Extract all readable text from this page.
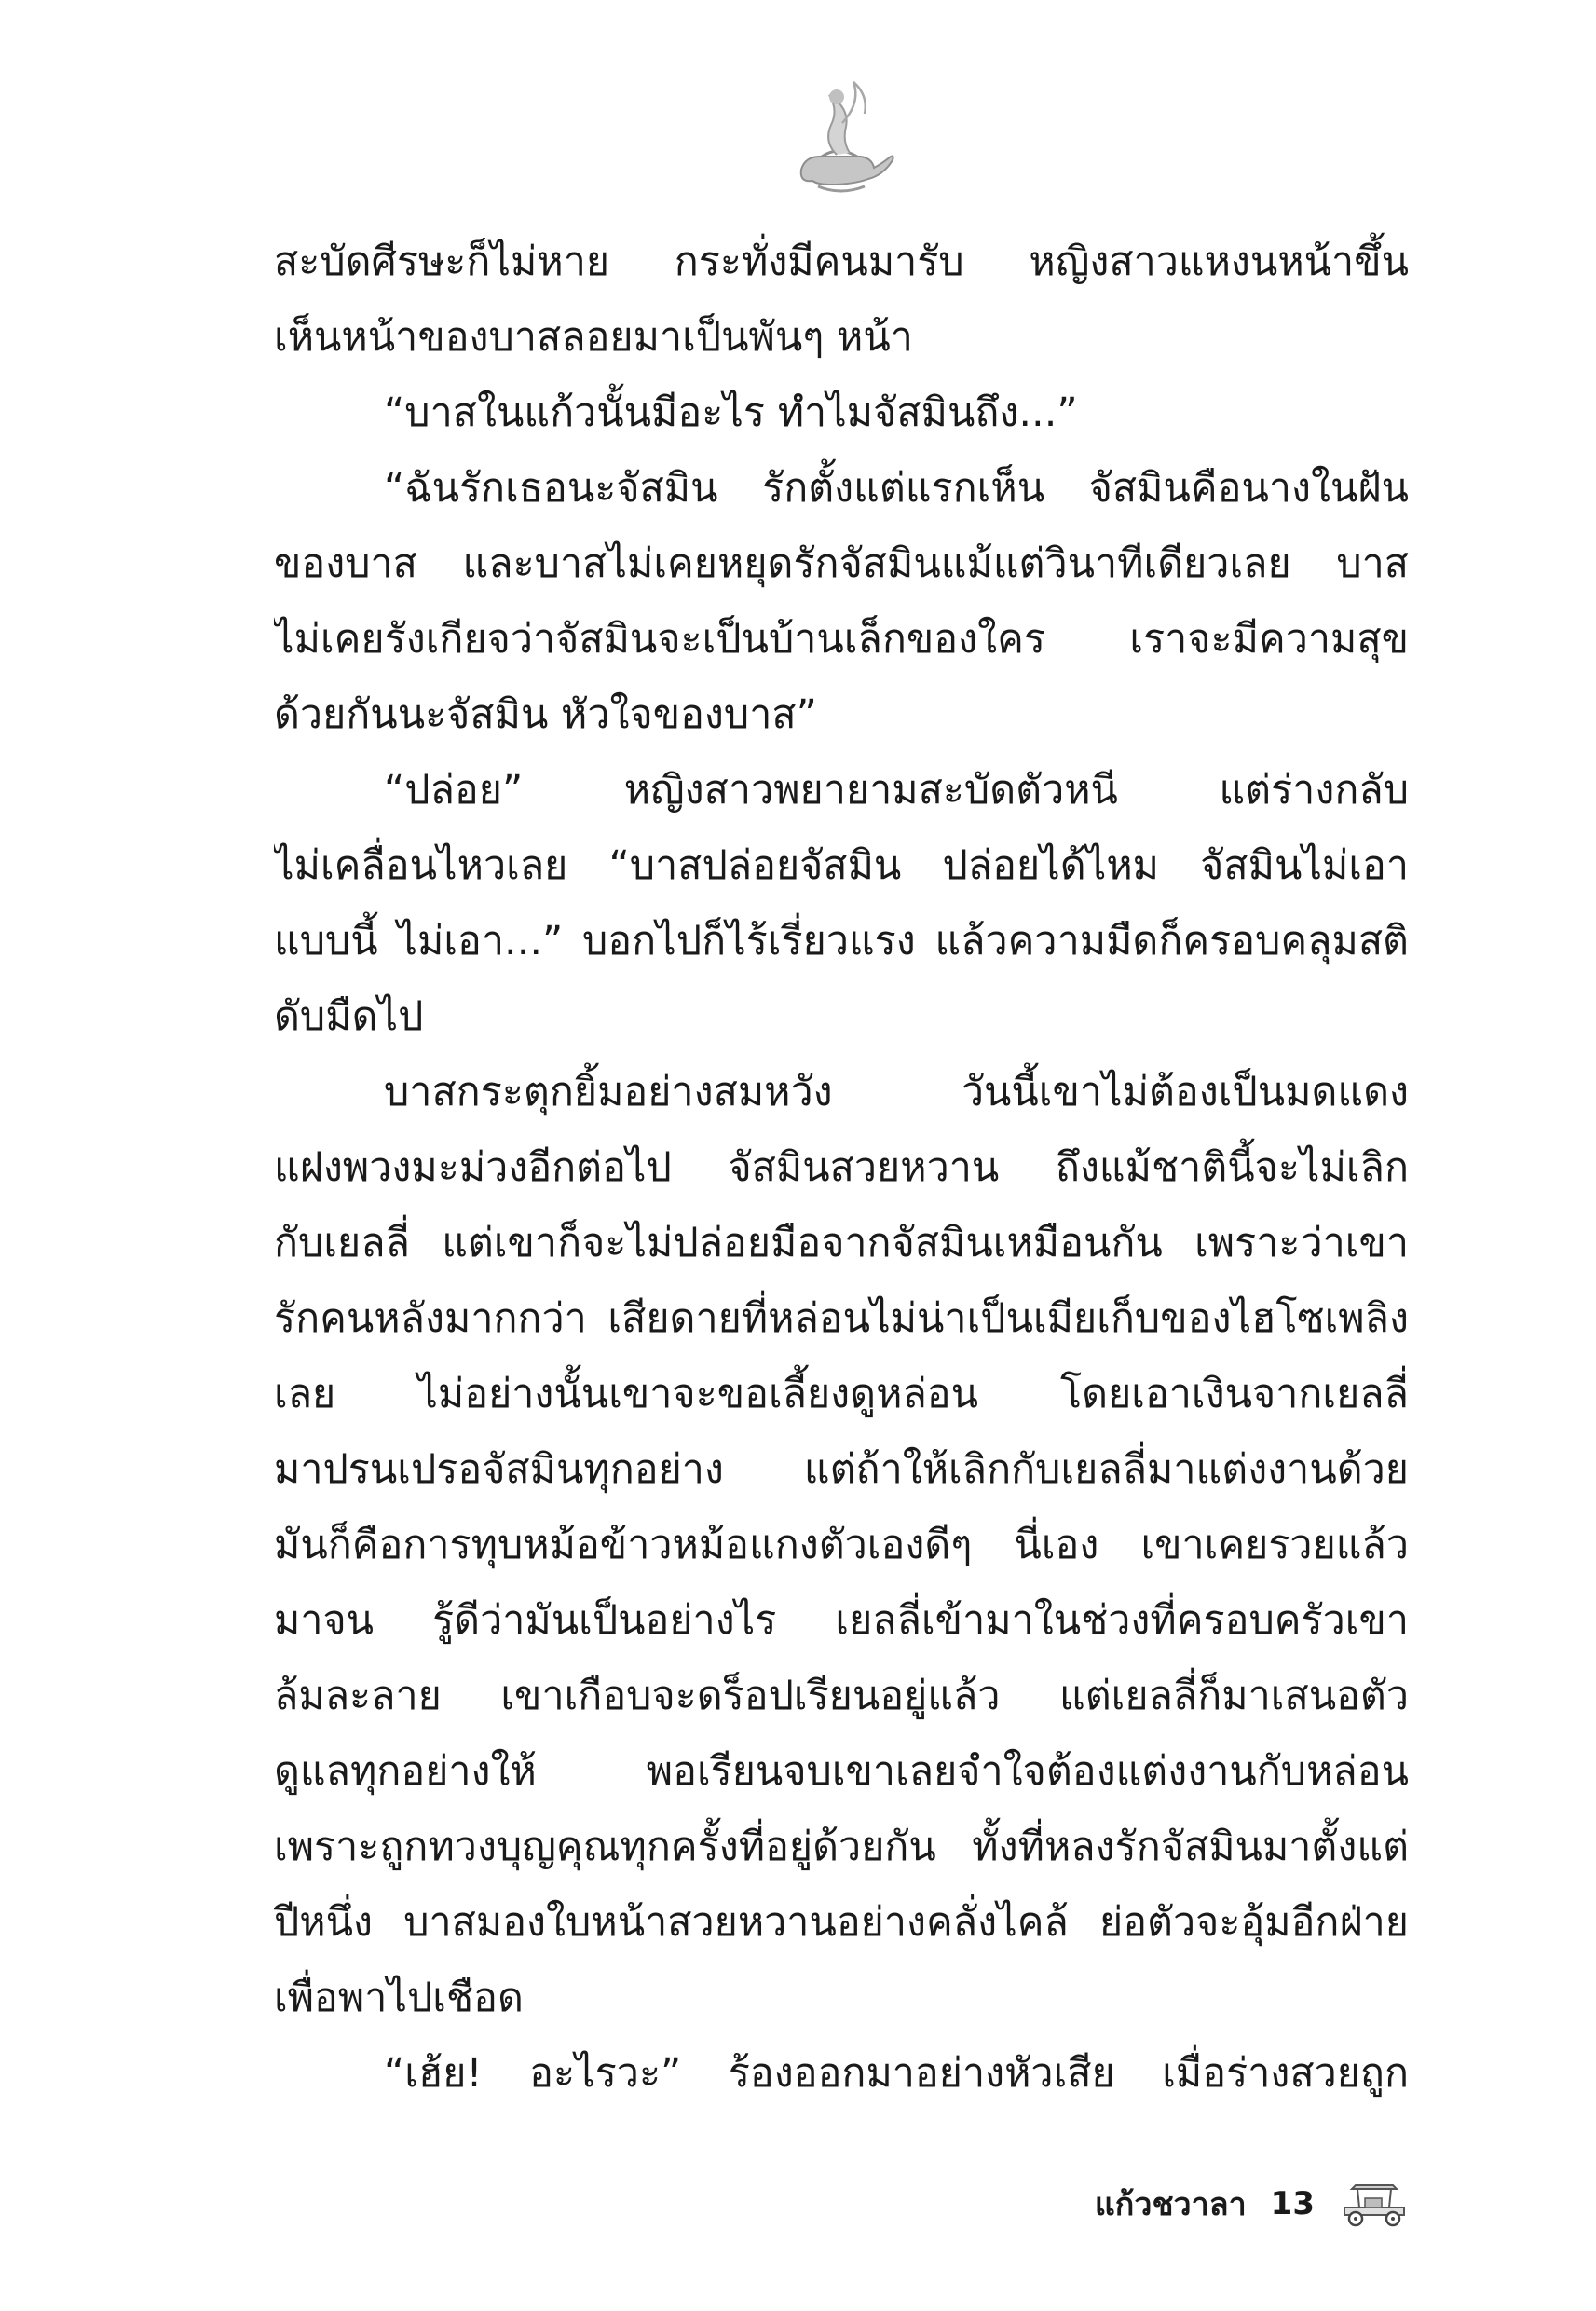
สะบัดศีรษะก็ไม่หาย กระทั่งมีคนมารับ หญิงสาวแหงนหน้าขึ้น
เห็นหน้าของบาสลอยมาเป็นพันๆ หน้า
“บาสในแก้วนั้นมีอะไร ทำไมจัสมินถึง...”
“ฉันรักเธอนะจัสมิน รักตั้งแต่แรกเห็น จัสมินคือนางในฝัน
ของบาส และบาสไม่เคยหยุดรักจัสมินแม้แต่วินาทีเดียวเลย บาส
ไม่เคยรังเกียจว่าจัสมินจะเป็นบ้านเล็กของใคร เราจะมีความสุข
ด้วยกันนะจัสมิน หัวใจของบาส”
“ปล่อย” หญิงสาวพยายามสะบัดตัวหนี แต่ร่างกลับ
ไม่เคลื่อนไหวเลย “บาสปล่อยจัสมิน ปล่อยได้ไหม จัสมินไม่เอา
แบบนี้ ไม่เอา...” บอกไปก็ไร้เรี่ยวแรง แล้วความมืดก็ครอบคลุมสติ
ดับมืดไป
บาสกระตุกยิ้มอย่างสมหวัง วันนี้เขาไม่ต้องเป็นมดแดง
แฝงพวงมะม่วงอีกต่อไป จัสมินสวยหวาน ถึงแม้ชาตินี้จะไม่เลิก
กับเยลลี่ แต่เขาก็จะไม่ปล่อยมือจากจัสมินเหมือนกัน เพราะว่าเขา
รักคนหลังมากกว่า เสียดายที่หล่อนไม่น่าเป็นเมียเก็บของไฮโซเพลิง
เลย ไม่อย่างนั้นเขาจะขอเลี้ยงดูหล่อน โดยเอาเงินจากเยลลี่
มาปรนเปรอจัสมินทุกอย่าง แต่ถ้าให้เลิกกับเยลลี่มาแต่งงานด้วย
มันก็คือการทุบหม้อข้าวหม้อแกงตัวเองดีๆ นี่เอง เขาเคยรวยแล้ว
มาจน รู้ดีว่ามันเป็นอย่างไร เยลลี่เข้ามาในช่วงที่ครอบครัวเขา
ล้มละลาย เขาเกือบจะดร็อปเรียนอยู่แล้ว แต่เยลลี่ก็มาเสนอตัว
ดูแลทุกอย่างให้ พอเรียนจบเขาเลยจำใจต้องแต่งงานกับหล่อน
เพราะถูกทวงบุญคุณทุกครั้งที่อยู่ด้วยกัน ทั้งที่หลงรักจัสมินมาตั้งแต่
ปีหนึ่ง บาสมองใบหน้าสวยหวานอย่างคลั่งไคล้ ย่อตัวจะอุ้มอีกฝ่าย
เพื่อพาไปเชือด
“เฮ้ย! อะไรวะ” ร้องออกมาอย่างหัวเสีย เมื่อร่างสวยถูก
แก้วชวาลา 13
